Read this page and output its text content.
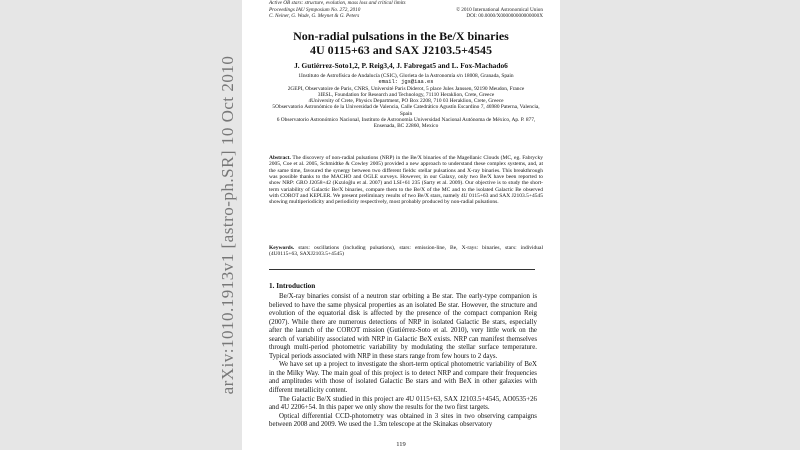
arXiv:1010.1913v1 [astro-ph.SR] 10 Oct 2010
Active OB stars: structure, evolution, mass loss and critical limits
Proceedings IAU Symposium No. 272, 2010
C. Neiner, G. Wade, G. Meynet & G. Peters
© 2010 International Astronomical Union
DOI: 00.0000/X000000000000000X
Non-radial pulsations in the Be/X binaries
4U 0115+63 and SAX J2103.5+4545
J. Gutiérrez-Soto1,2, P. Reig3,4, J. Fabregat5 and L. Fox-Machado6
1Instituto de Astrofísica de Andalucía (CSIC), Glorieta de la Astronomía s/n 18008, Granada, Spain
email: jgs@iaa.es
2GEPI, Observatoire de Paris, CNRS, Université Paris Diderot, 5 place Jules Janssen, 92190 Meudon, France
3IESL, Foundation for Research and Technology, 71110 Heraklion, Crete, Greece
4University of Crete, Physics Department, PO Box 2208, 710 03 Heraklion, Crete, Greece
5Observatorio Astronómico de la Universidad de Valencia, Calle Catedrático Agustín Escardino 7, 46980 Paterna, Valencia, Spain
6 Observatorio Astronómico Nacional, Instituto de Astronomía Universidad Nacional Autónoma de México, Ap. P. 877, Ensenada, BC 22860, Mexico
Abstract. The discovery of non-radial pulsations (NRP) in the Be/X binaries of the Magellanic Clouds (MC, eg. Fabrycky 2005, Coe et al. 2005, Schmidtke & Cowley 2005) provided a new approach to understand these complex systems, and, at the same time, favoured the synergy between two different fields: stellar pulsations and X-ray binaries. This breakthrough was possible thanks to the MACHO and OGLE surveys. However, in our Galaxy, only two Be/X have been reported to show NRP: GRO J2058+42 (Kızıloğlu et al. 2007) and LSI+61 235 (Sarty et al. 2009). Our objective is to study the short-term variability of Galactic Be/X binaries, compare them to the Be/X of the MC and to the isolated Galactic Be observed with COROT and KEPLER. We present preliminary results of two Be/X stars, namely 4U 0115+63 and SAX J2103.5+4545 showing multiperiodicity and periodicity respectively, most probably produced by non-radial pulsations.
Keywords. stars: oscillations (including pulsations), stars: emission-line, Be, X-rays: binaries, stars: individual (4U0115+63, SAXJ2103.5+4545)
1. Introduction

Be/X-ray binaries consist of a neutron star orbiting a Be star. The early-type companion is believed to have the same physical properties as an isolated Be star. However, the structure and evolution of the equatorial disk is affected by the presence of the compact companion Reig (2007). While there are numerous detections of NRP in isolated Galactic Be stars, especially after the launch of the COROT mission (Gutiérrez-Soto et al. 2010), very little work on the search of variability associated with NRP in Galactic BeX exists. NRP can manifest themselves through multi-period photometric variability by modulating the stellar surface temperature. Typical periods associated with NRP in these stars range from few hours to 2 days.

We have set up a project to investigate the short-term optical photometric variability of BeX in the Milky Way. The main goal of this project is to detect NRP and compare their frequencies and amplitudes with those of isolated Galactic Be stars and with BeX in other galaxies with different metallicity content.

The Galactic Be/X studied in this project are 4U 0115+63, SAX J2103.5+4545, AO0535+26 and 4U 2206+54. In this paper we only show the results for the two first targets.

Optical differential CCD-photometry was obtained in 3 sites in two observing campaigns between 2008 and 2009. We used the 1.3m telescope at the Skinakas observatory

119
